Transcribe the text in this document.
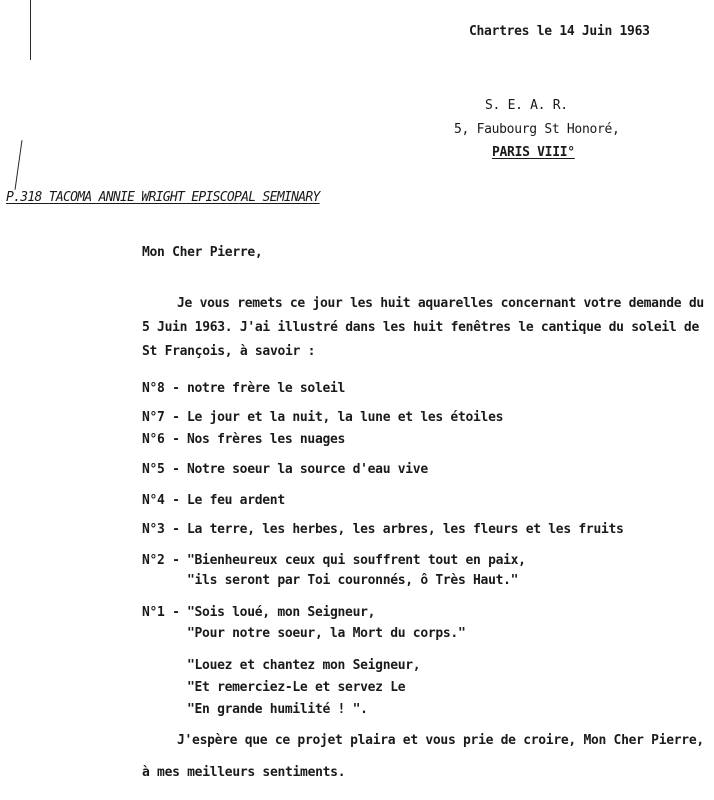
Chartres le 14 Juin 1963
S. E. A. R.
5, Faubourg St Honoré,
PARIS VIII°
P.318 TACOMA ANNIE WRIGHT EPISCOPAL SEMINARY
Mon Cher Pierre,
Je vous remets ce jour les huit aquarelles concernant votre demande du
5 Juin 1963. J'ai illustré dans les huit fenêtres le cantique du soleil de
St François, à savoir :
N°8 - notre frère le soleil
N°7 - Le jour et la nuit, la lune et les étoiles
N°6 - Nos frères les nuages
N°5 - Notre soeur la source d'eau vive
N°4 - Le feu ardent
N°3 - La terre, les herbes, les arbres, les fleurs et les fruits
N°2 - "Bienheureux ceux qui souffrent tout en paix,
"ils seront par Toi couronnés, ô Très Haut."
N°1 - "Sois loué, mon Seigneur,
"Pour notre soeur, la Mort du corps."
"Louez et chantez mon Seigneur,
"Et remerciez-Le et servez Le
"En grande humilité ! ".
J'espère que ce projet plaira et vous prie de croire, Mon Cher Pierre,
à mes meilleurs sentiments.
